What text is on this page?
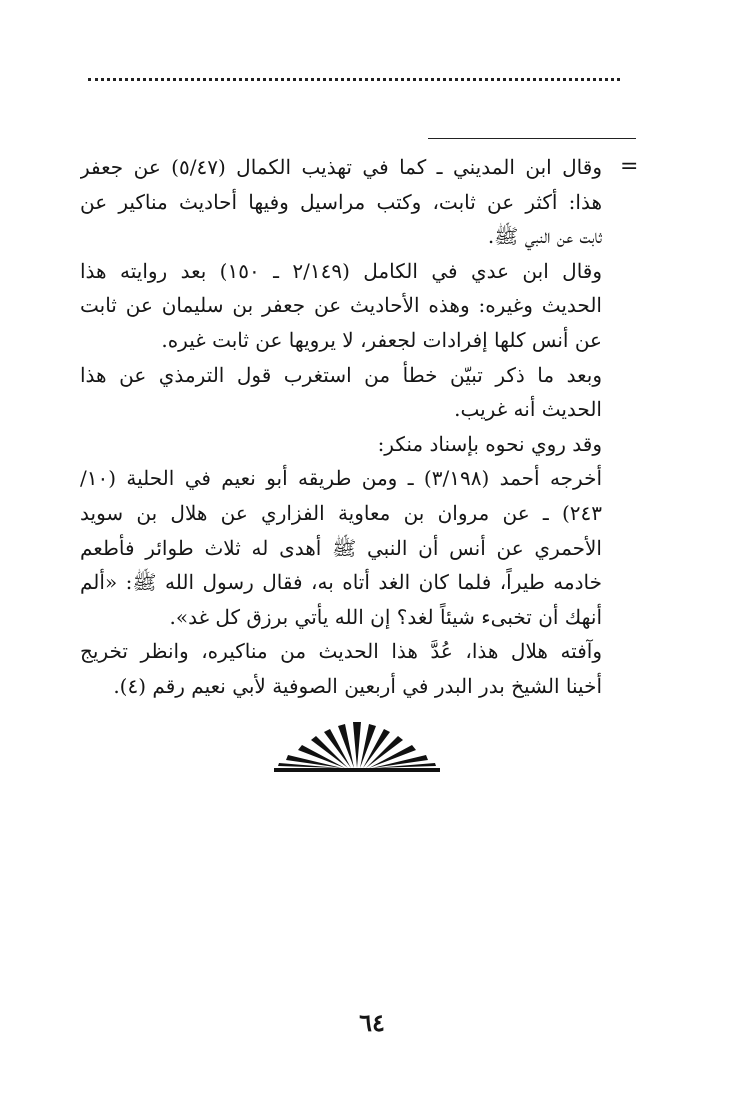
=
وقال ابن المديني ـ كما في تهذيب الكمال (٥/٤٧) عن جعفر
هذا: أكثر عن ثابت، وكتب مراسيل وفيها أحاديث مناكير عن
ثابت عن النبي ﷺ.
وقال ابن عدي في الكامل (٢/١٤٩ ـ ١٥٠) بعد روايته هذا
الحديث وغيره: وهذه الأحاديث عن جعفر بن سليمان عن ثابت
عن أنس كلها إفرادات لجعفر، لا يرويها عن ثابت غيره.
وبعد ما ذكر تبيّن خطأ من استغرب قول الترمذي عن هذا
الحديث أنه غريب.
وقد روي نحوه بإسناد منكر:
أخرجه أحمد (٣/١٩٨) ـ ومن طريقه أبو نعيم في الحلية (١٠/
٢٤٣) ـ عن مروان بن معاوية الفزاري عن هلال بن سويد
الأحمري عن أنس أن النبي ﷺ أهدى له ثلاث طوائر فأطعم
خادمه طيراً، فلما كان الغد أتاه به، فقال رسول الله ﷺ: «ألم
أنهك أن تخبىء شيئاً لغد؟ إن الله يأتي برزق كل غد».
وآفته هلال هذا، عُدَّ هذا الحديث من مناكيره، وانظر تخريج
أخينا الشيخ بدر البدر في أربعين الصوفية لأبي نعيم رقم (٤).
٦٤
